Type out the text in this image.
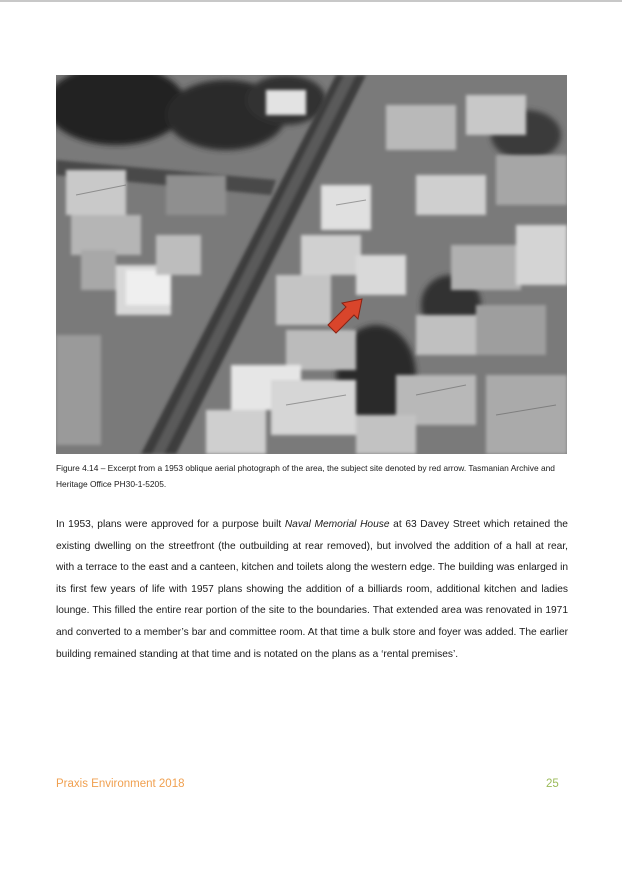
Figure 4.14 – Excerpt from a 1953 oblique aerial photograph of the area, the subject site denoted by red arrow. Tasmanian Archive and Heritage Office PH30-1-5205.
In 1953, plans were approved for a purpose built Naval Memorial House at 63 Davey Street which retained the existing dwelling on the streetfront (the outbuilding at rear removed), but involved the addition of a hall at rear, with a terrace to the east and a canteen, kitchen and toilets along the western edge. The building was enlarged in its first few years of life with 1957 plans showing the addition of a billiards room, additional kitchen and ladies lounge. This filled the entire rear portion of the site to the boundaries. That extended area was renovated in 1971 and converted to a member’s bar and committee room. At that time a bulk store and foyer was added. The earlier building remained standing at that time and is notated on the plans as a ‘rental premises’.
Praxis Environment 2018	25
